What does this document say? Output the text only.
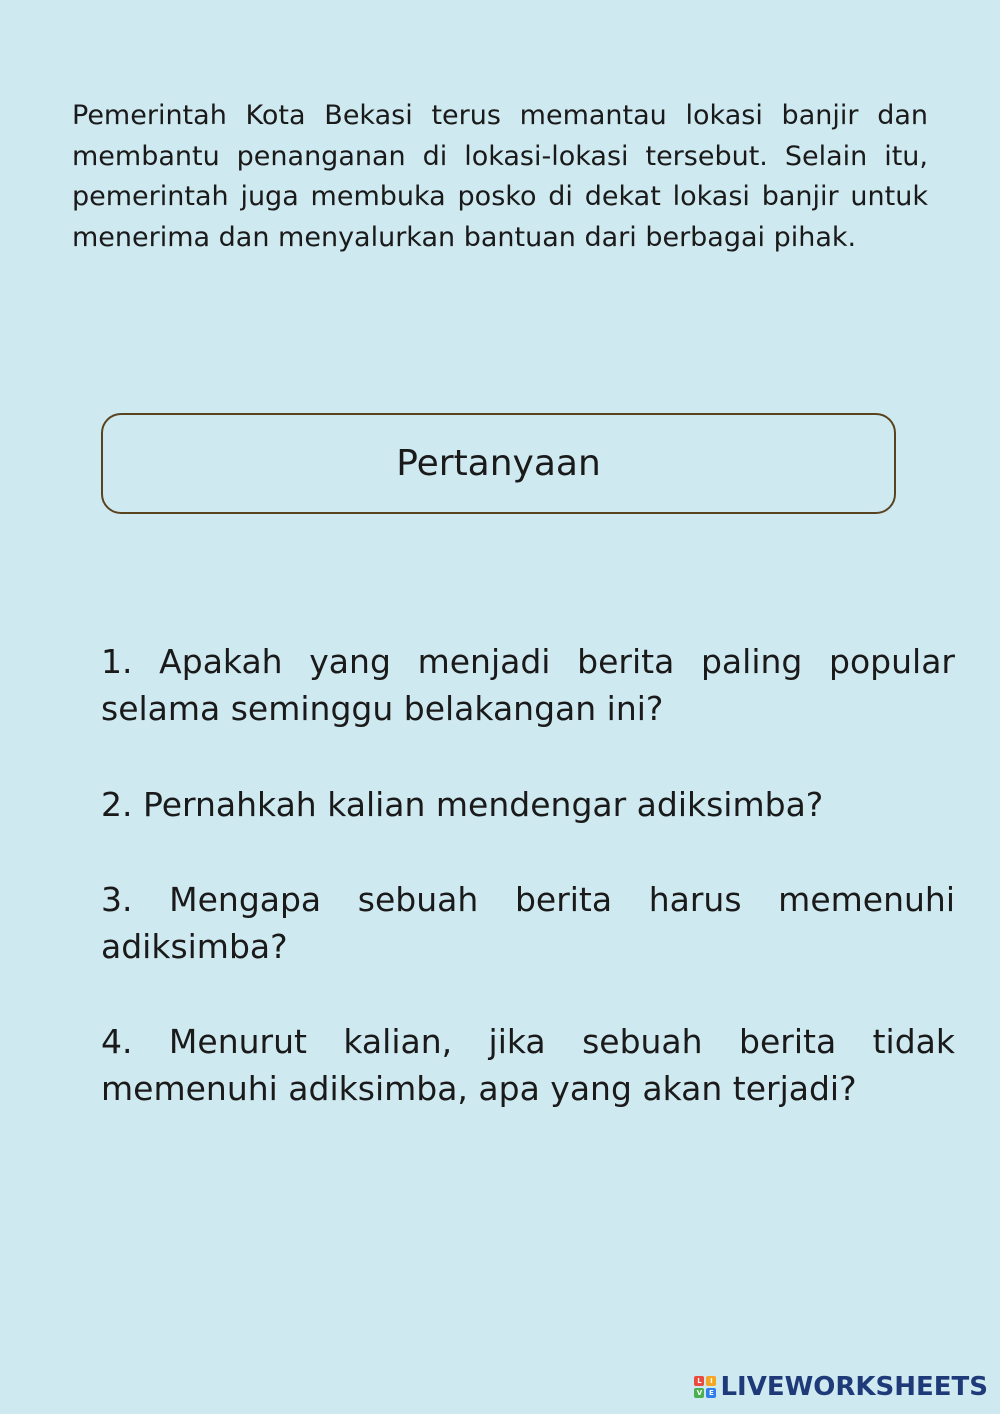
Pemerintah Kota Bekasi terus memantau lokasi banjir dan membantu penanganan di lokasi-lokasi tersebut. Selain itu, pemerintah juga membuka posko di dekat lokasi banjir untuk menerima dan menyalurkan bantuan dari berbagai pihak.

Pertanyaan
1. Apakah yang menjadi berita paling popular selama seminggu belakangan ini?
2. Pernahkah kalian mendengar adiksimba?
3. Mengapa sebuah berita harus memenuhi adiksimba?
4. Menurut kalian, jika sebuah berita tidak memenuhi adiksimba, apa yang akan terjadi?
L	I
V E LIVEWORKSHEETS
